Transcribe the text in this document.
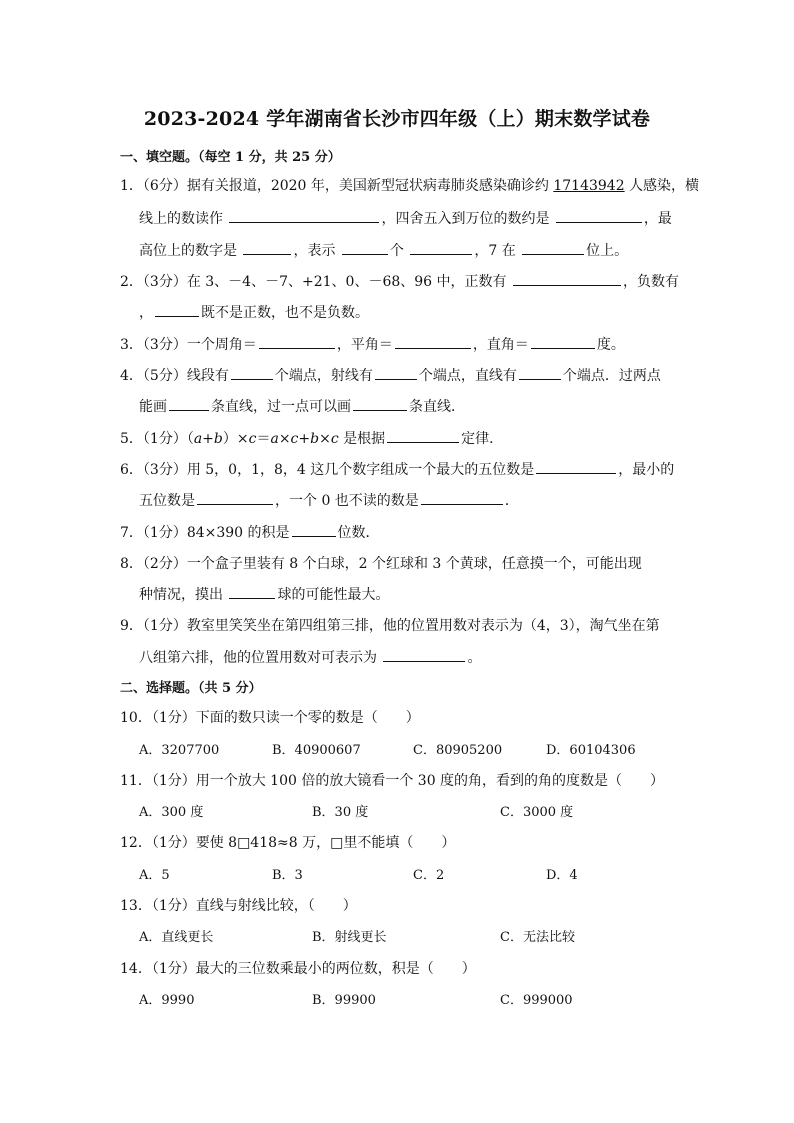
2023-2024 学年湖南省长沙市四年级（上）期末数学试卷
一、填空题。（每空 1 分，共 25 分）
1．（6分）据有关报道，2020 年，美国新型冠状病毒肺炎感染确诊约 17143942 人感染，横
线上的数读作	，四舍五入到万位的数约是	，最
高位上的数字是	，表示	个	，7 在	位上。
2．（3分）在 3、－4、－7、+21、0、－68、96 中，正数有	，负数有
，	既不是正数，也不是负数。
3．（3分）一个周角＝	，平角＝	，直角＝	度。
4．（5分）线段有	个端点，射线有	个端点，直线有	个端点．过两点
能画	条直线，过一点可以画	条直线．
5．（1分）（a+b）×c＝a×c+b×c 是根据	定律．
6．（3分）用 5，0，1，8，4 这几个数字组成一个最大的五位数是	，最小的
五位数是	，一个 0 也不读的数是	．
7．（1分）84×390 的积是	位数．
8．（2分）一个盒子里装有 8 个白球，2 个红球和 3 个黄球，任意摸一个，可能出现
种情况，摸出	球的可能性最大。
9．（1分）教室里笑笑坐在第四组第三排，他的位置用数对表示为（4，3），淘气坐在第
八组第六排，他的位置用数对可表示为	。
二、选择题。（共 5 分）
10．（1分）下面的数只读一个零的数是（　　）
A．3207700	B．40900607	C．80905200	D．60104306
11．（1分）用一个放大 100 倍的放大镜看一个 30 度的角，看到的角的度数是（　　）
A．300 度	B．30 度	C．3000 度
12．（1分）要使 8□418≈8 万，□里不能填（　　）
A．5	B．3	C．2	D．4
13．（1分）直线与射线比较，（　　）
A．直线更长	B．射线更长	C．无法比较
14．（1分）最大的三位数乘最小的两位数，积是（　　）
A．9990	B．99900	C．999000
